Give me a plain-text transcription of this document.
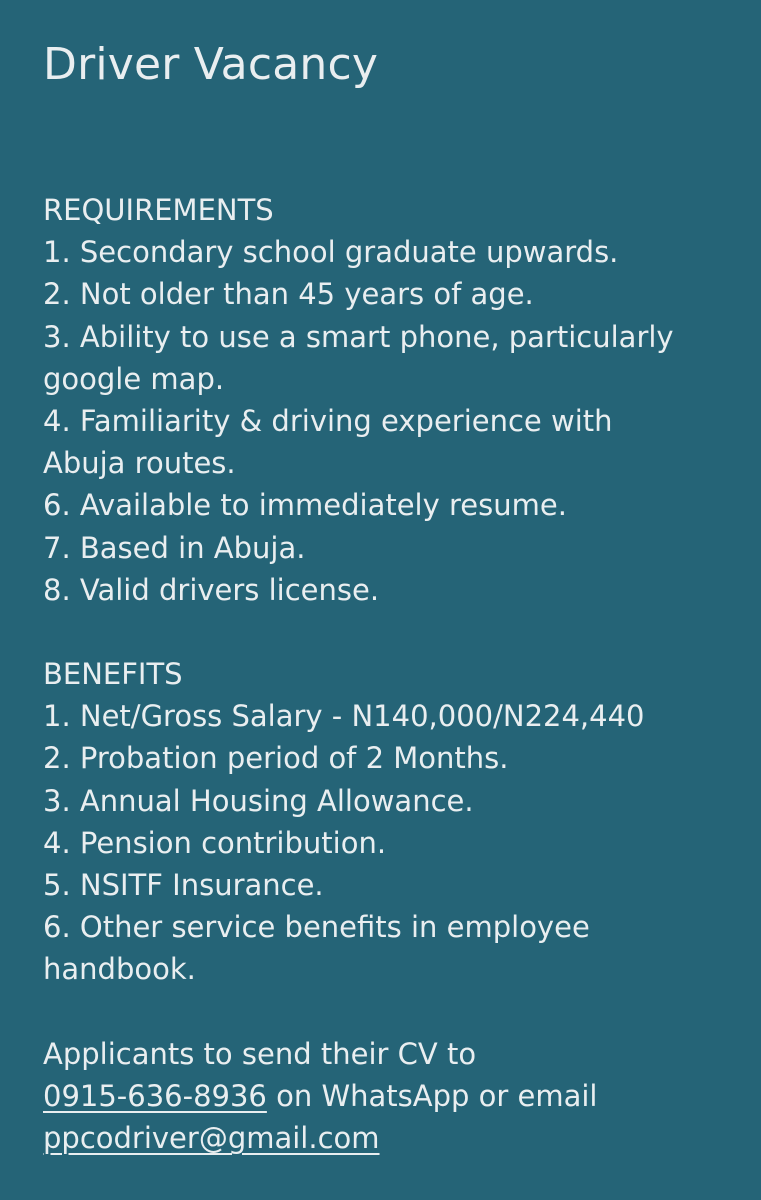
Driver Vacancy
REQUIREMENTS
1. Secondary school graduate upwards.
2. Not older than 45 years of age.
3. Ability to use a smart phone, particularly
google map.
4. Familiarity & driving experience with
Abuja routes.
6. Available to immediately resume.
7. Based in Abuja.
8. Valid drivers license.
BENEFITS
1. Net/Gross Salary - N140,000/N224,440
2. Probation period of 2 Months.
3. Annual Housing Allowance.
4. Pension contribution.
5. NSITF Insurance.
6. Other service benefits in employee
handbook.
Applicants to send their CV to
0915-636-8936 on WhatsApp or email
ppcodriver@gmail.com
